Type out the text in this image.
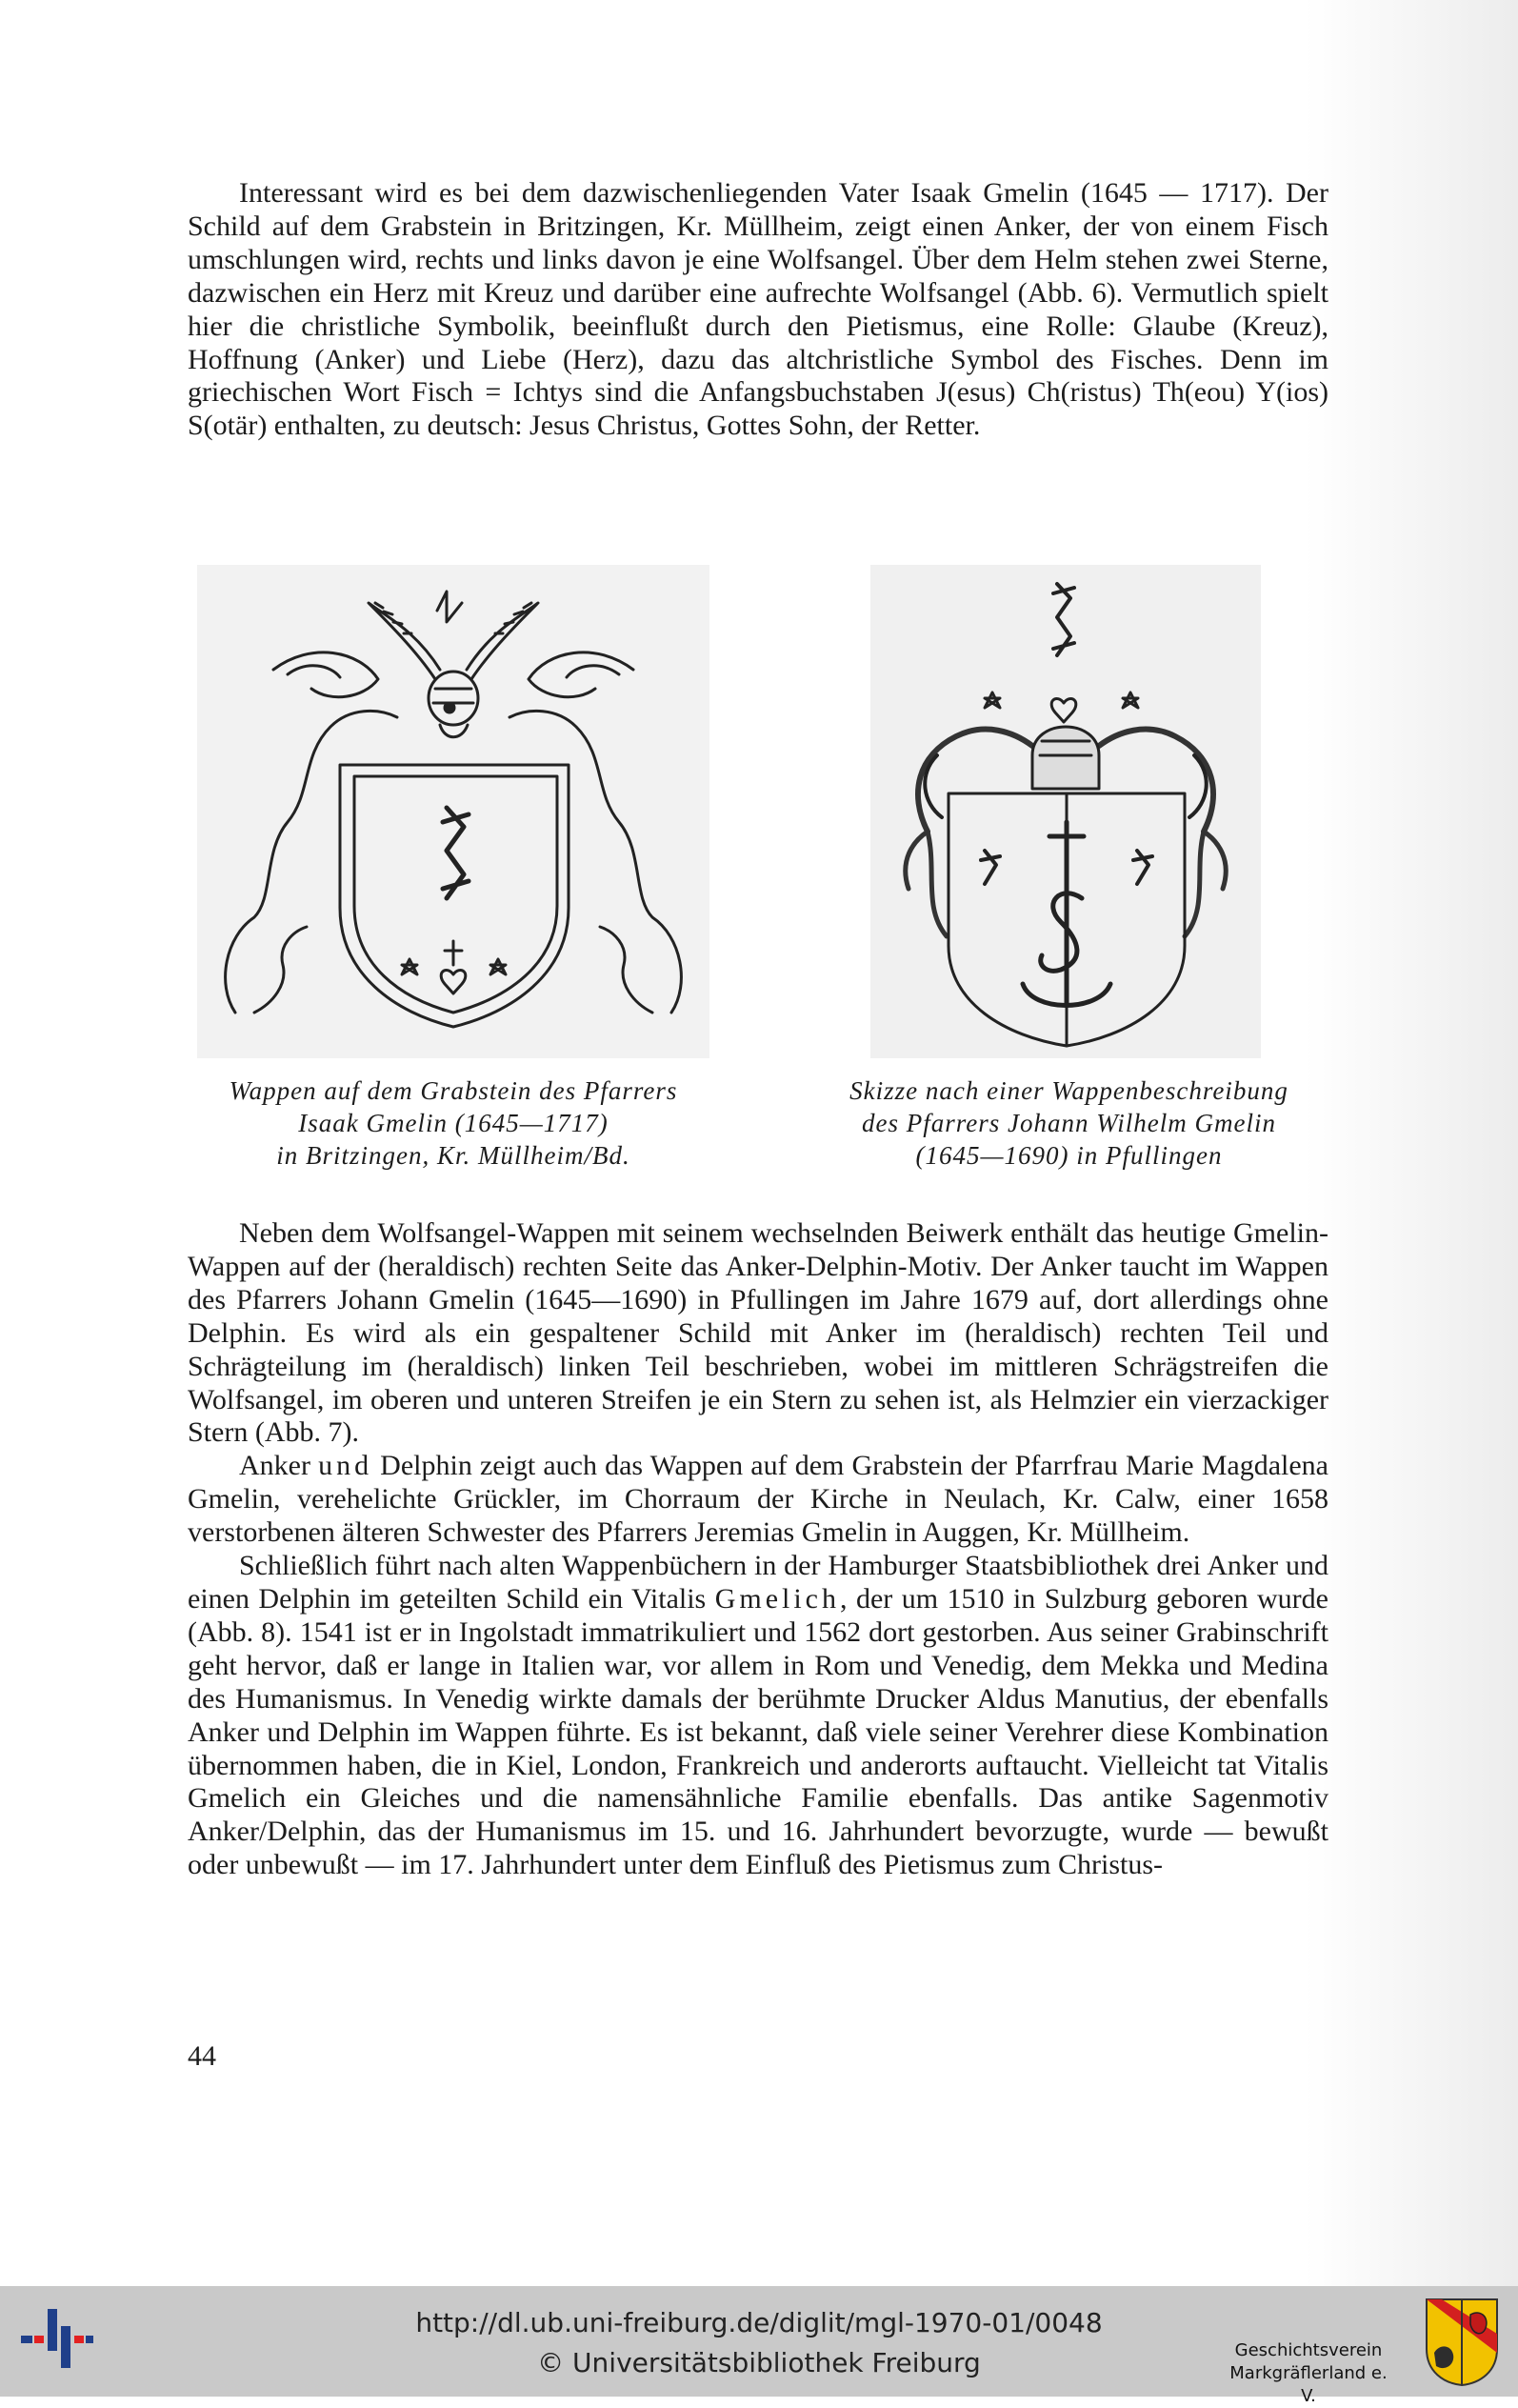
Interessant wird es bei dem dazwischenliegenden Vater Isaak Gmelin (1645 — 1717). Der Schild auf dem Grabstein in Britzingen, Kr. Müllheim, zeigt einen Anker, der von einem Fisch umschlungen wird, rechts und links davon je eine Wolfsangel. Über dem Helm stehen zwei Sterne, dazwischen ein Herz mit Kreuz und darüber eine aufrechte Wolfsangel (Abb. 6). Vermutlich spielt hier die christliche Symbolik, beeinflußt durch den Pietismus, eine Rolle: Glaube (Kreuz), Hoffnung (Anker) und Liebe (Herz), dazu das altchristliche Symbol des Fisches. Denn im griechischen Wort Fisch = Ichtys sind die Anfangsbuchstaben J(esus) Ch(ristus) Th(eou) Y(ios) S(otär) enthalten, zu deutsch: Jesus Christus, Gottes Sohn, der Retter.

Wappen auf dem Grabstein des Pfarrers
Isaak Gmelin (1645—1717)
in Britzingen, Kr. Müllheim/Bd.
Skizze nach einer Wappenbeschreibung
des Pfarrers Johann Wilhelm Gmelin
(1645—1690) in Pfullingen

Neben dem Wolfsangel-Wappen mit seinem wechselnden Beiwerk enthält das heutige Gmelin-Wappen auf der (heraldisch) rechten Seite das Anker-Delphin-Motiv. Der Anker taucht im Wappen des Pfarrers Johann Gmelin (1645—1690) in Pfullingen im Jahre 1679 auf, dort allerdings ohne Delphin. Es wird als ein gespaltener Schild mit Anker im (heraldisch) rechten Teil und Schrägteilung im (heraldisch) linken Teil beschrieben, wobei im mittleren Schrägstreifen die Wolfsangel, im oberen und unteren Streifen je ein Stern zu sehen ist, als Helmzier ein vierzackiger Stern (Abb. 7).

Anker und Delphin zeigt auch das Wappen auf dem Grabstein der Pfarrfrau Marie Magdalena Gmelin, verehelichte Grückler, im Chorraum der Kirche in Neulach, Kr. Calw, einer 1658 verstorbenen älteren Schwester des Pfarrers Jeremias Gmelin in Auggen, Kr. Müllheim.

Schließlich führt nach alten Wappenbüchern in der Hamburger Staatsbibliothek drei Anker und einen Delphin im geteilten Schild ein Vitalis Gmelich, der um 1510 in Sulzburg geboren wurde (Abb. 8). 1541 ist er in Ingolstadt immatrikuliert und 1562 dort gestorben. Aus seiner Grabinschrift geht hervor, daß er lange in Italien war, vor allem in Rom und Venedig, dem Mekka und Medina des Humanismus. In Venedig wirkte damals der berühmte Drucker Aldus Manutius, der ebenfalls Anker und Delphin im Wappen führte. Es ist bekannt, daß viele seiner Verehrer diese Kombination übernommen haben, die in Kiel, London, Frankreich und anderorts auftaucht. Vielleicht tat Vitalis Gmelich ein Gleiches und die namensähnliche Familie ebenfalls. Das antike Sagenmotiv Anker/Delphin, das der Humanismus im 15. und 16. Jahrhundert bevorzugte, wurde — bewußt oder unbewußt — im 17. Jahrhundert unter dem Einfluß des Pietismus zum Christus-

44
http://dl.ub.uni-freiburg.de/diglit/mgl-1970-01/0048
© Universitätsbibliothek Freiburg	Geschichtsverein
Markgräflerland e. V.
